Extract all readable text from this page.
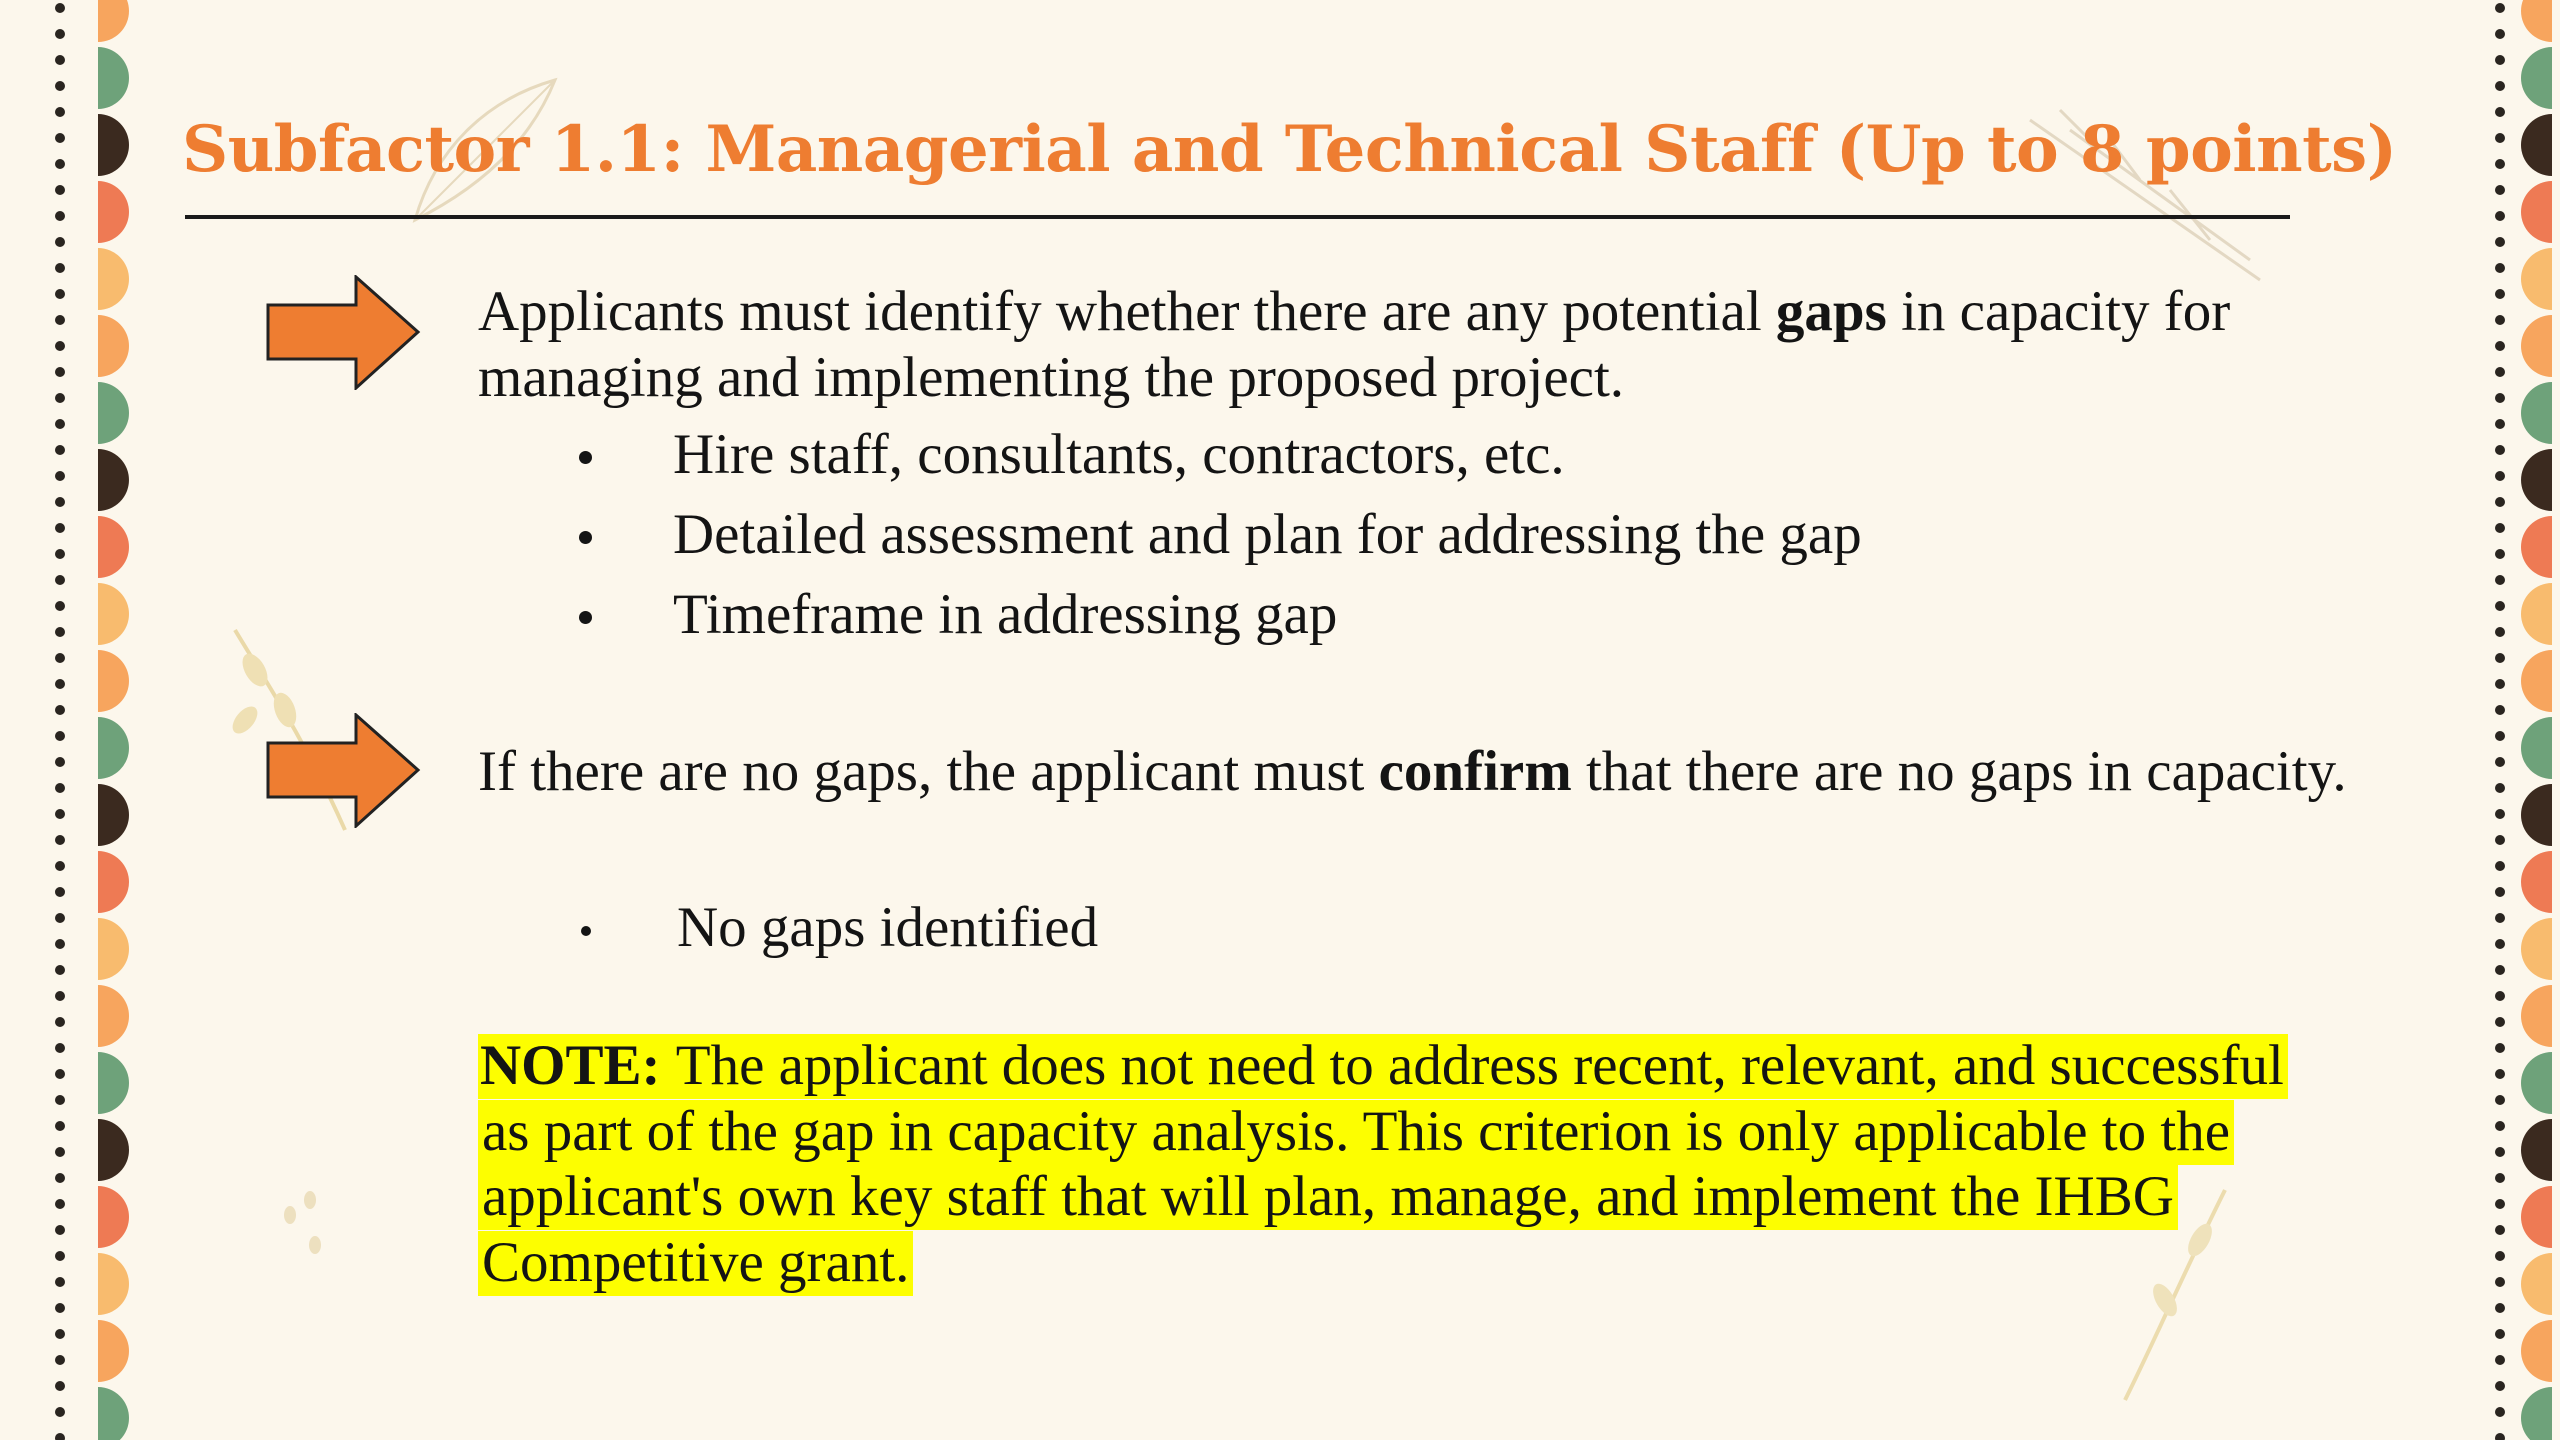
Subfactor 1.1: Managerial and Technical Staff (Up to 8 points)

Applicants must identify whether there are any potential gaps in capacity for managing and implementing the proposed project.

Hire staff, consultants, contractors, etc.
Detailed assessment and plan for addressing the gap
Timeframe in addressing gap

If there are no gaps, the applicant must confirm that there are no gaps in capacity.

No gaps identified

NOTE: The applicant does not need to address recent, relevant, and successful as part of the gap in capacity analysis. This criterion is only applicable to the applicant's own key staff that will plan, manage, and implement the IHBG Competitive grant.
